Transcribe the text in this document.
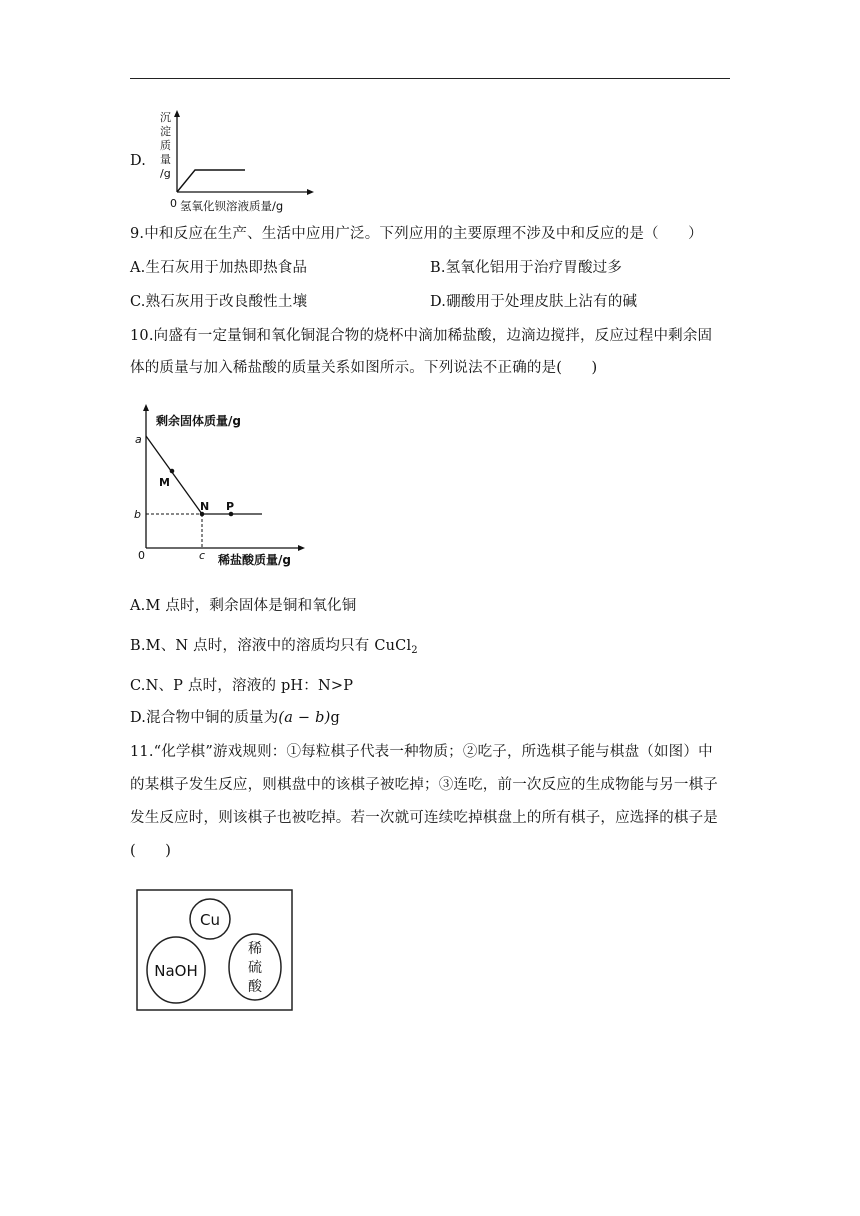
D.
沉
淀
质
量
/g
0 氢氧化钡溶液质量/g
9.中和反应在生产、生活中应用广泛。下列应用的主要原理不涉及中和反应的是（　　）
A.生石灰用于加热即热食品	B.氢氧化铝用于治疗胃酸过多
C.熟石灰用于改良酸性土壤	D.硼酸用于处理皮肤上沾有的碱
10.向盛有一定量铜和氧化铜混合物的烧杯中滴加稀盐酸，边滴边搅拌，反应过程中剩余固
体的质量与加入稀盐酸的质量关系如图所示。下列说法不正确的是(　　)
剩余固体质量/g
a
b
c
0	稀盐酸质量/g
M
N P
A.M 点时，剩余固体是铜和氧化铜
B.M、N 点时，溶液中的溶质均只有 CuCl$_2$
C.N、P 点时，溶液的 pH：N>P
D.混合物中铜的质量为(a − b)g
11.“化学棋”游戏规则：①每粒棋子代表一种物质；②吃子，所选棋子能与棋盘（如图）中
的某棋子发生反应，则棋盘中的该棋子被吃掉；③连吃，前一次反应的生成物能与另一棋子
发生反应时，则该棋子也被吃掉。若一次就可连续吃掉棋盘上的所有棋子，应选择的棋子是
(　　)
Cu
NaOH
稀
硫
酸
